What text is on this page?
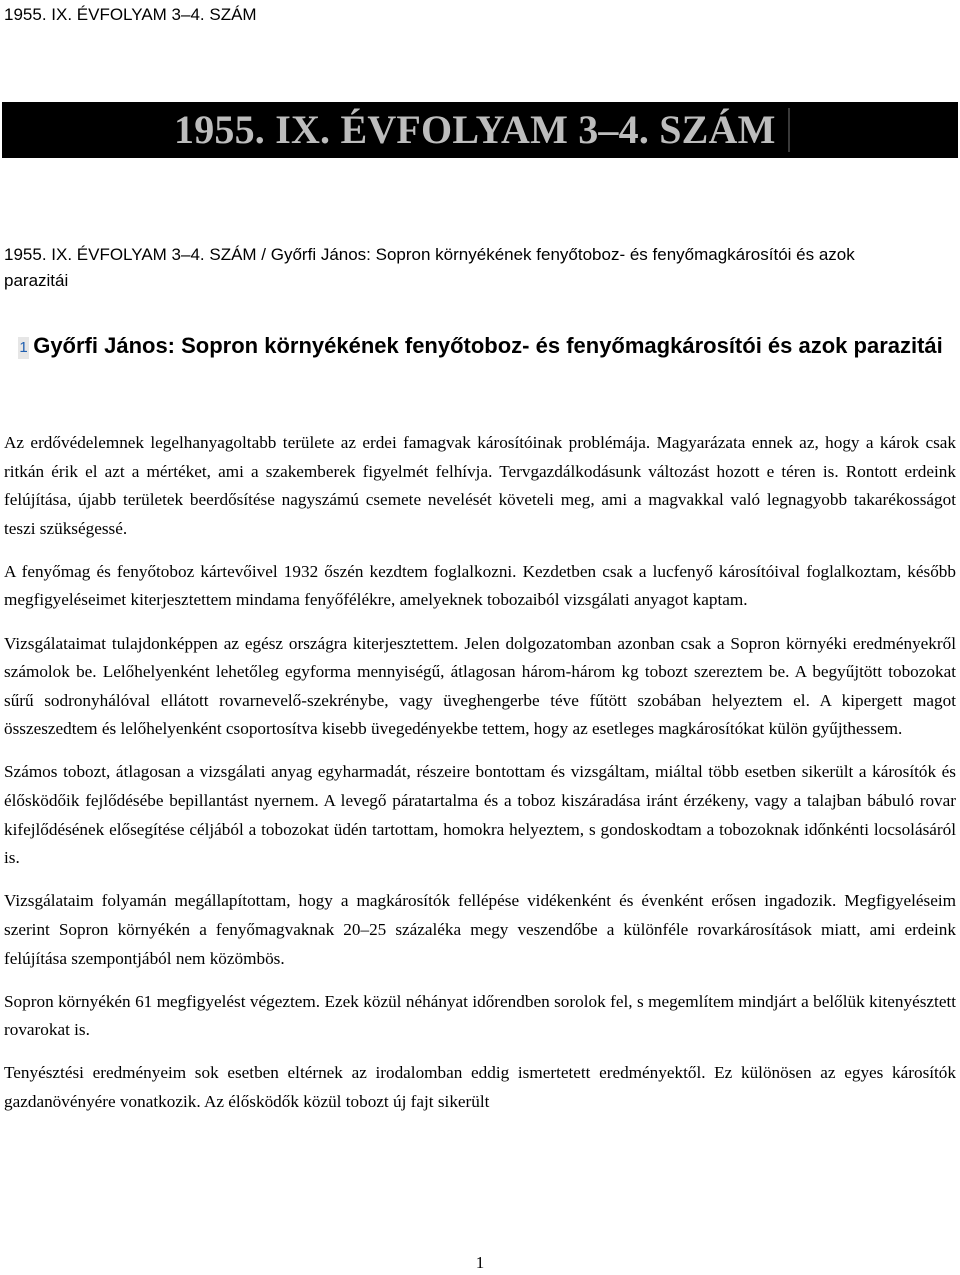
1955. IX. ÉVFOLYAM 3–4. SZÁM
1955. IX. ÉVFOLYAM 3–4. SZÁM
1955. IX. ÉVFOLYAM 3–4. SZÁM / Győrfi János: Sopron környékének fenyőtoboz- és fenyőmagkárosítói és azok parazitái
1 Győrfi János: Sopron környékének fenyőtoboz- és fenyőmagkárosítói és azok parazitái

Az erdővédelemnek legelhanyagoltabb területe az erdei famagvak károsítóinak problémája. Magyarázata ennek az, hogy a károk csak ritkán érik el azt a mértéket, ami a szakemberek figyelmét felhívja. Tervgazdálkodásunk változást hozott e téren is. Rontott erdeink felújítása, újabb területek beerdősítése nagyszámú csemete nevelését követeli meg, ami a magvakkal való legnagyobb takarékosságot teszi szükségessé.

A fenyőmag és fenyőtoboz kártevőivel 1932 őszén kezdtem foglalkozni. Kezdetben csak a lucfenyő károsítóival foglalkoztam, később megfigyeléseimet kiterjesztettem mindama fenyőfélékre, amelyeknek tobozaiból vizsgálati anyagot kaptam.

Vizsgálataimat tulajdonképpen az egész országra kiterjesztettem. Jelen dolgozatomban azonban csak a Sopron környéki eredményekről számolok be. Lelőhelyenként lehetőleg egyforma mennyiségű, átlagosan három-három kg tobozt szereztem be. A begyűjtött tobozokat sűrű sodronyhálóval ellátott rovarnevelő-szekrénybe, vagy üveghengerbe téve fűtött szobában helyeztem el. A kipergett magot összeszedtem és lelőhelyenként csoportosítva kisebb üvegedényekbe tettem, hogy az esetleges magkárosítókat külön gyűjthessem.

Számos tobozt, átlagosan a vizsgálati anyag egyharmadát, részeire bontottam és vizsgáltam, miáltal több esetben sikerült a károsítók és élősködőik fejlődésébe bepillantást nyernem. A levegő páratartalma és a toboz kiszáradása iránt érzékeny, vagy a talajban bábuló rovar kifejlődésének elősegítése céljából a tobozokat üdén tartottam, homokra helyeztem, s gondoskodtam a tobozoknak időnkénti locsolásáról is.

Vizsgálataim folyamán megállapítottam, hogy a magkárosítók fellépése vidékenként és évenként erősen ingadozik. Megfigyeléseim szerint Sopron környékén a fenyőmagvaknak 20–25 százaléka megy veszendőbe a különféle rovarkárosítások miatt, ami erdeink felújítása szempontjából nem közömbös.

Sopron környékén 61 megfigyelést végeztem. Ezek közül néhányat időrendben sorolok fel, s megemlítem mindjárt a belőlük kitenyésztett rovarokat is.

Tenyésztési eredményeim sok esetben eltérnek az irodalomban eddig ismertetett eredményektől. Ez különösen az egyes károsítók gazdanövényére vonatkozik. Az élősködők közül tobozt új fajt sikerült

1
